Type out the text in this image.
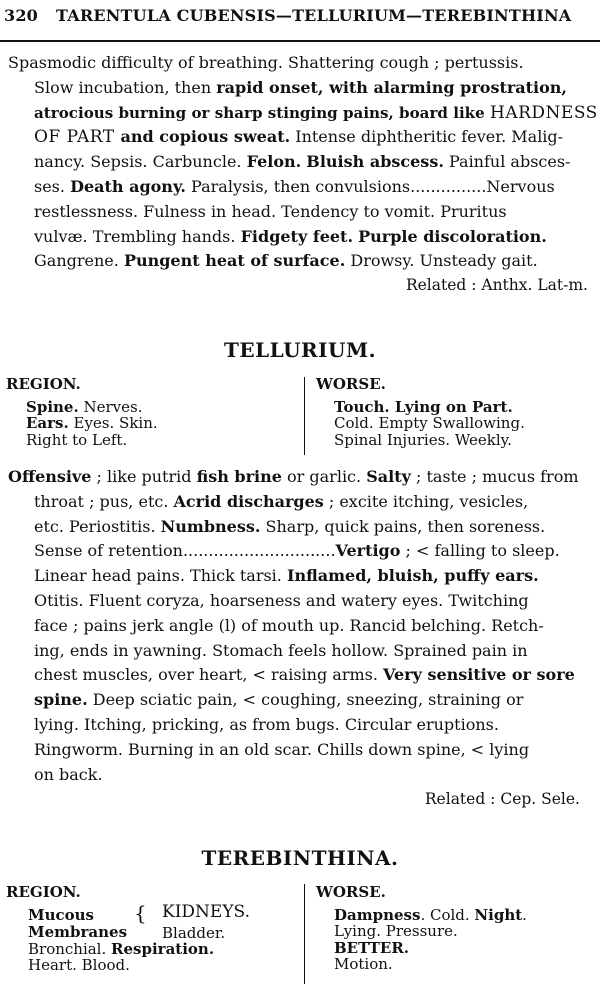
320 TARENTULA CUBENSIS—TELLURIUM—TEREBINTHINA
Spasmodic difficulty of breathing. Shattering cough ; pertussis.
Slow incubation, then rapid onset, with alarming prostration,
atrocious burning or sharp stinging pains, board like HARDNESS
OF PART and copious sweat. Intense diphtheritic fever. Malig-
nancy. Sepsis. Carbuncle. Felon. Bluish abscess. Painful absces-
ses. Death agony. Paralysis, then convulsions...............Nervous
restlessness. Fulness in head. Tendency to vomit. Pruritus
vulvæ. Trembling hands. Fidgety feet. Purple discoloration.
Gangrene. Pungent heat of surface. Drowsy. Unsteady gait.
Related : Anthx. Lat-m.
TELLURIUM.
REGION.
Spine. Nerves.
Ears. Eyes. Skin.
Right to Left.
WORSE.
Touch. Lying on Part.
Cold. Empty Swallowing.
Spinal Injuries. Weekly.
Offensive ; like putrid fish brine or garlic. Salty ; taste ; mucus from
throat ; pus, etc. Acrid discharges ; excite itching, vesicles,
etc. Periostitis. Numbness. Sharp, quick pains, then soreness.
Sense of retention..............................Vertigo ; < falling to sleep.
Linear head pains. Thick tarsi. Inflamed, bluish, puffy ears.
Otitis. Fluent coryza, hoarseness and watery eyes. Twitching
face ; pains jerk angle (l) of mouth up. Rancid belching. Retch-
ing, ends in yawning. Stomach feels hollow. Sprained pain in
chest muscles, over heart, < raising arms. Very sensitive or sore
spine. Deep sciatic pain, < coughing, sneezing, straining or
lying. Itching, pricking, as from bugs. Circular eruptions.
Ringworm. Burning in an old scar. Chills down spine, < lying
on back.
Related : Cep. Sele.
TEREBINTHINA.
REGION.
Mucous
Membranes
{ KIDNEYS.
Bladder.
Bronchial. Respiration.
Heart. Blood.
WORSE.
Dampness. Cold. Night.
Lying. Pressure.
BETTER.
Motion.
